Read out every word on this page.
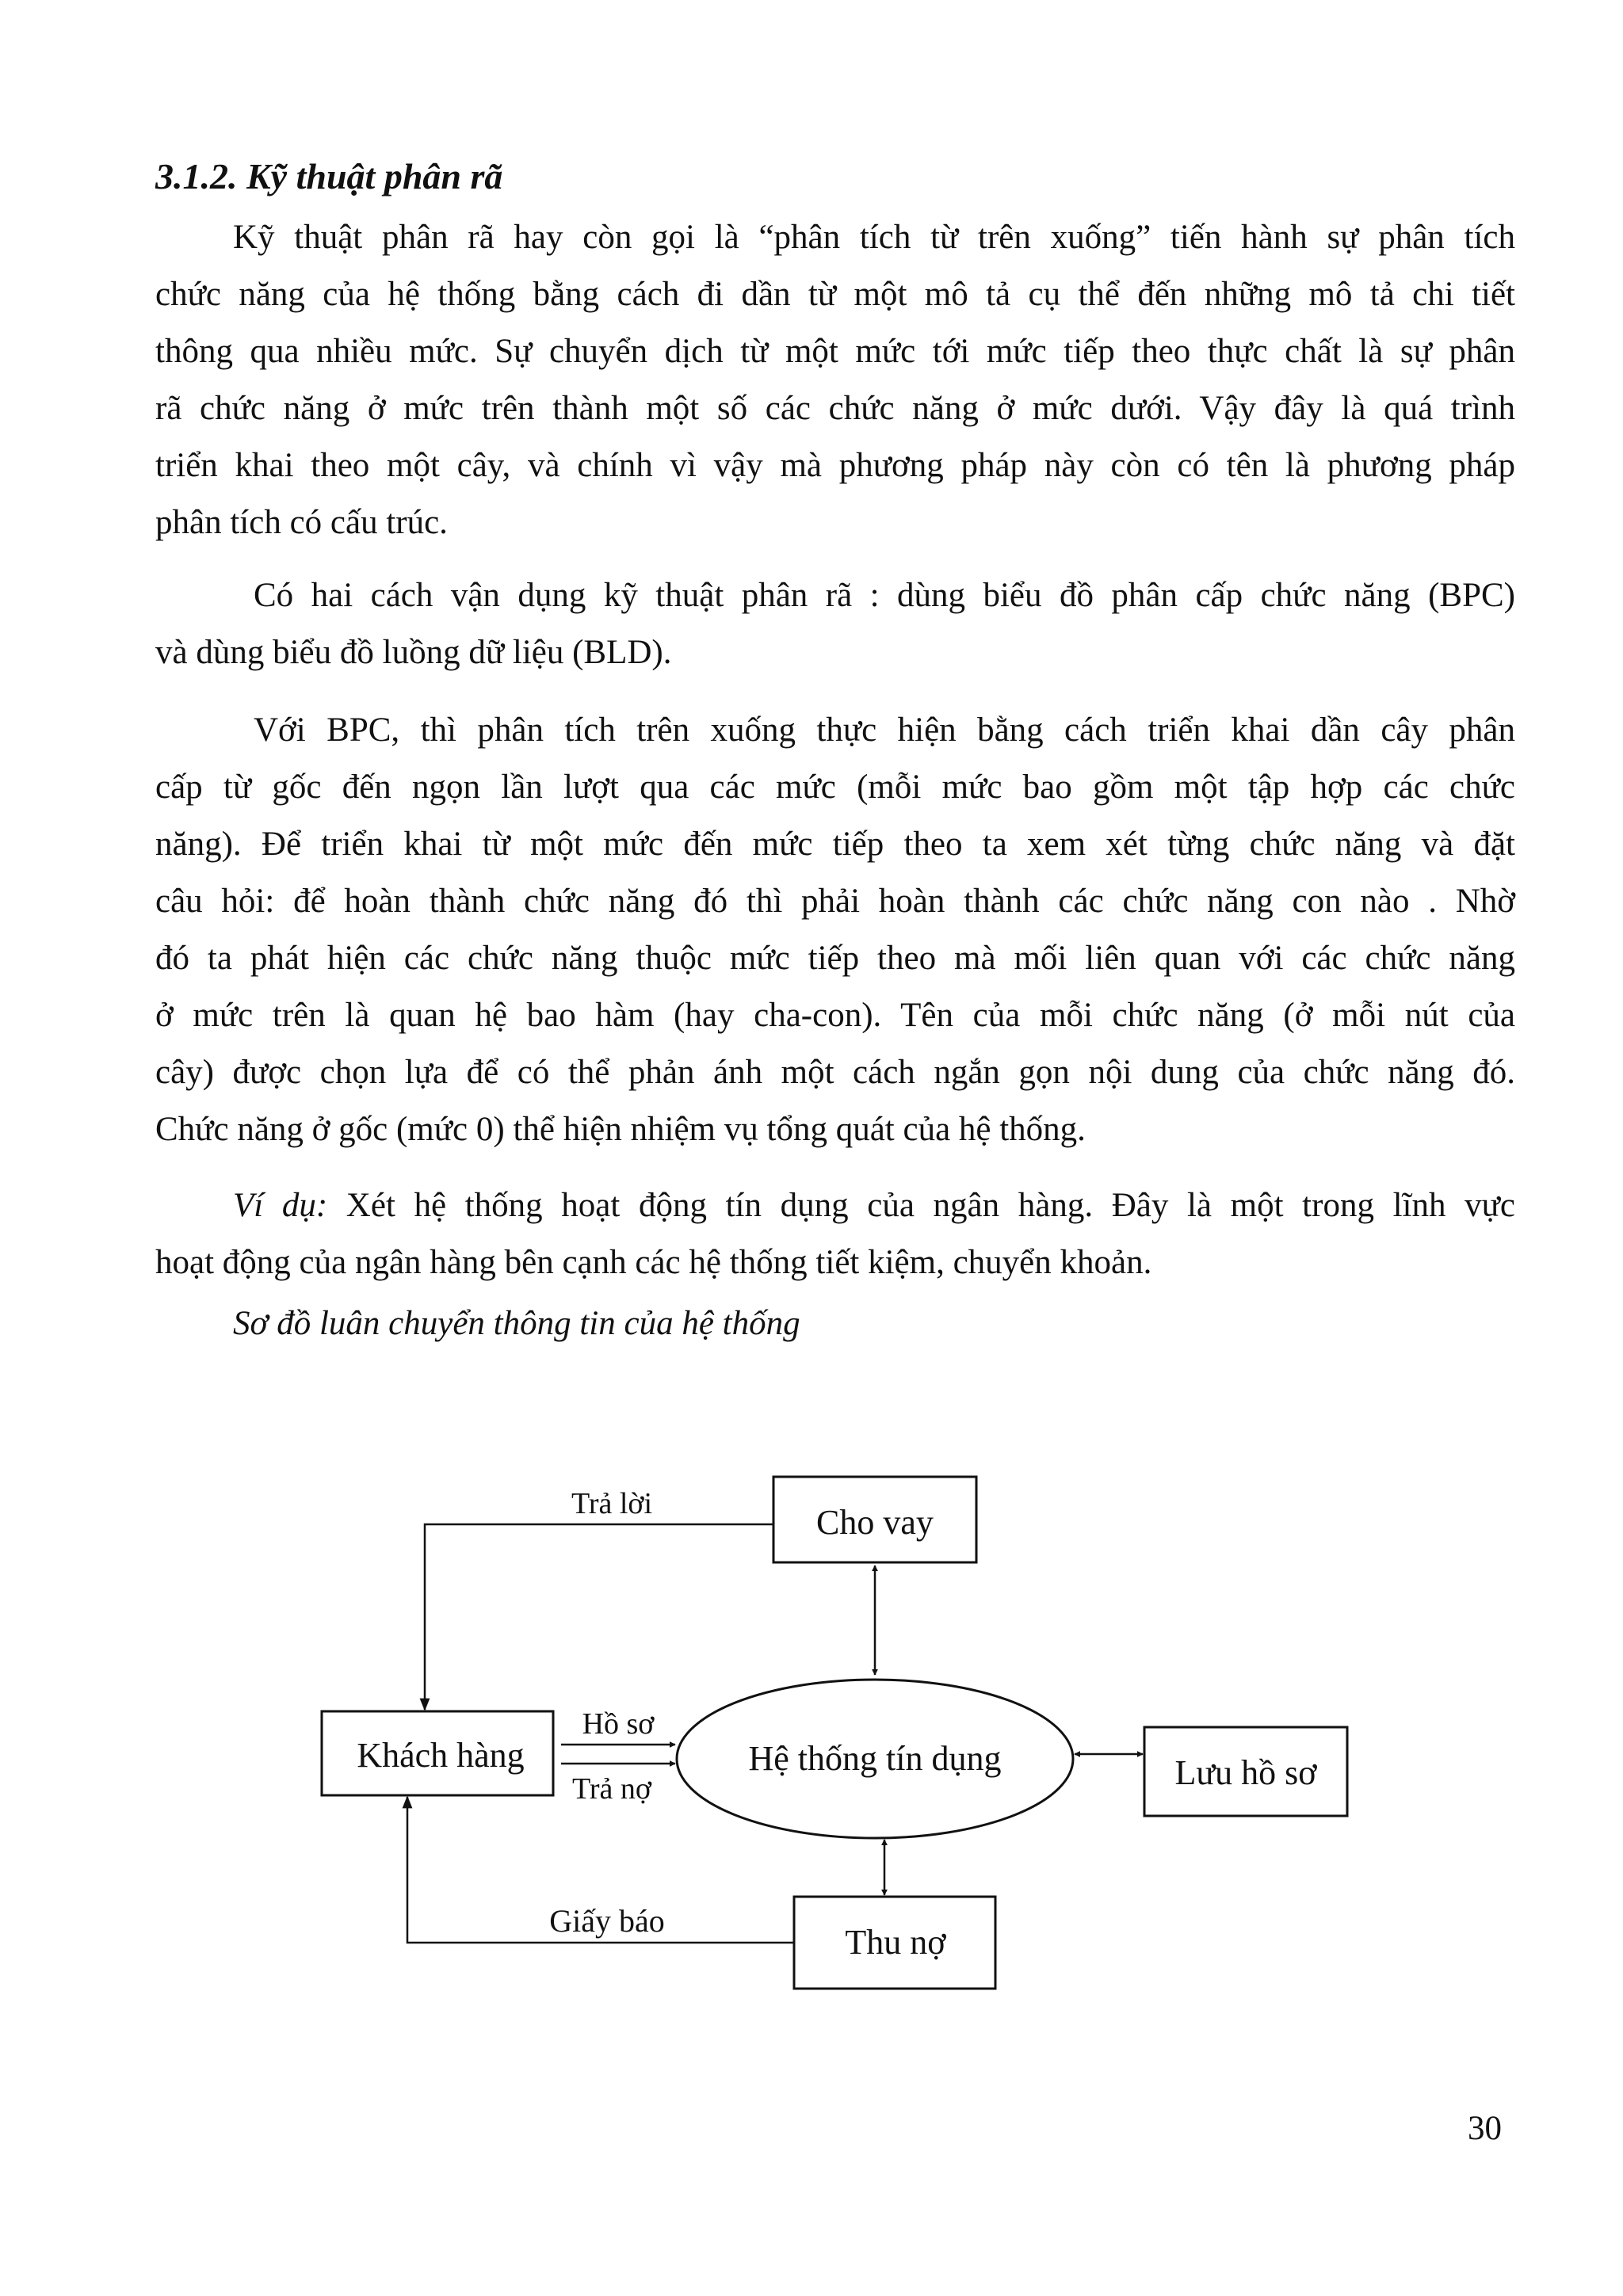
3.1.2. Kỹ thuật phân rã

Kỹ thuật phân rã hay còn gọi là “phân tích từ trên xuống” tiến hành sự phân tích
chức năng của hệ thống bằng cách đi dần từ một mô tả cụ thể đến những mô tả chi tiết
thông qua nhiều mức. Sự chuyển dịch từ một mức tới mức tiếp theo thực chất là sự phân
rã chức năng ở mức trên thành một số các chức năng ở mức dưới. Vậy đây là quá trình
triển khai theo một cây, và chính vì vậy mà phương pháp này còn có tên là phương pháp
phân tích có cấu trúc.

Có hai cách vận dụng kỹ thuật phân rã : dùng biểu đồ phân cấp chức năng (BPC)
và dùng biểu đồ luồng dữ liệu (BLD).

Với BPC, thì phân tích trên xuống thực hiện bằng cách triển khai dần cây phân
cấp từ gốc đến ngọn lần lượt qua các mức (mỗi mức bao gồm một tập hợp các chức
năng). Để triển khai từ một mức đến mức tiếp theo ta xem xét từng chức năng và đặt
câu hỏi: để hoàn thành chức năng đó thì phải hoàn thành các chức năng con nào . Nhờ
đó ta phát hiện các chức năng thuộc mức tiếp theo mà mối liên quan với các chức năng
ở mức trên là quan hệ bao hàm (hay cha-con). Tên của mỗi chức năng (ở mỗi nút của
cây) được chọn lựa để có thể phản ánh một cách ngắn gọn nội dung của chức năng đó.
Chức năng ở gốc (mức 0) thể hiện nhiệm vụ tổng quát của hệ thống.

Ví dụ: Xét hệ thống hoạt động tín dụng của ngân hàng. Đây là một trong lĩnh vực
hoạt động của ngân hàng bên cạnh các hệ thống tiết kiệm, chuyển khoản.

Sơ đồ luân chuyển thông tin của hệ thống

Cho vay
Khách hàng	Hệ thống tín dụng	Lưu hồ sơ
Thu nợ
Trả lời
Hồ sơ
Trả nợ
Giấy báo

30
